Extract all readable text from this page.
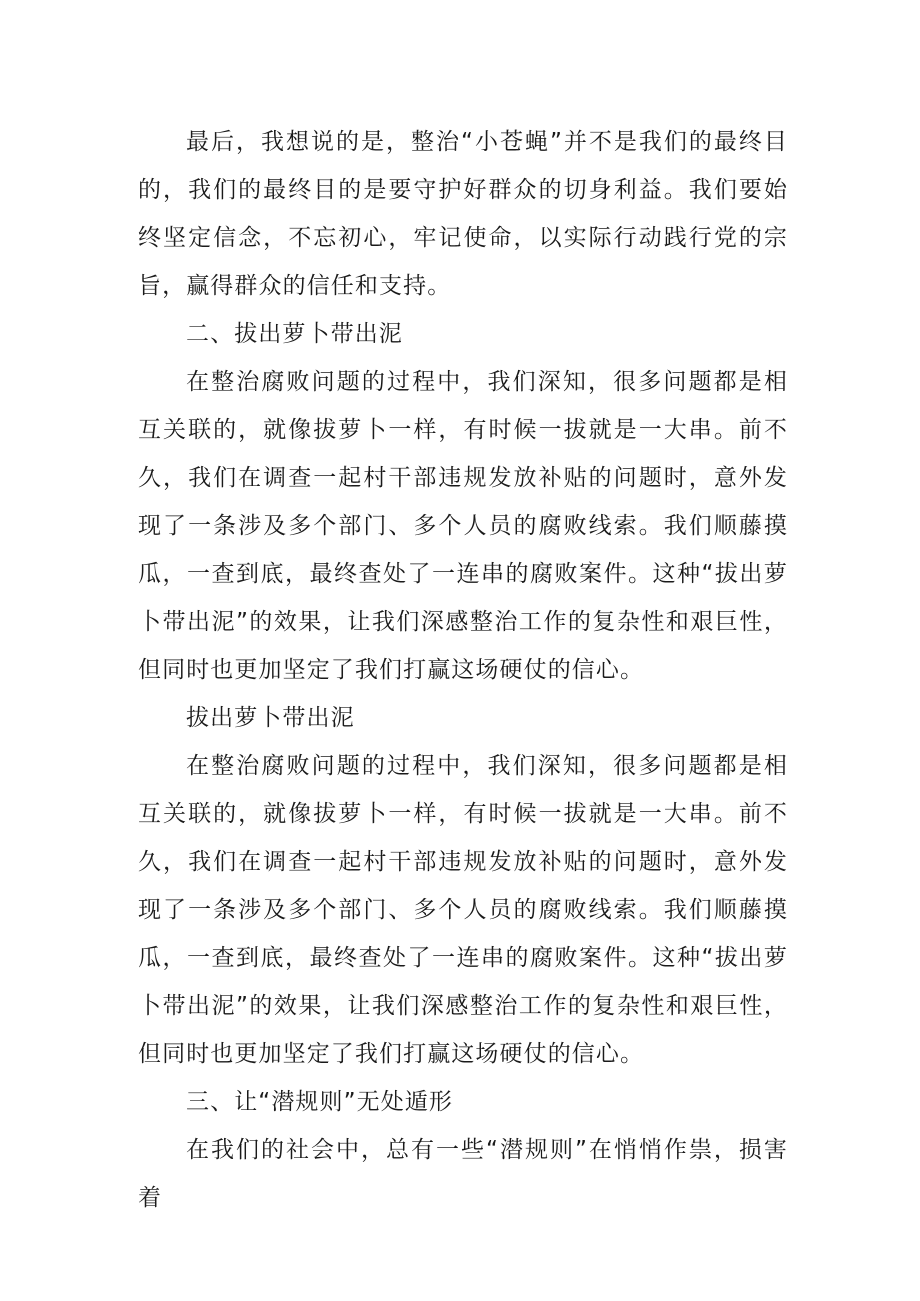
最后，我想说的是，整治“小苍蝇”并不是我们的最终目的，我们的最终目的是要守护好群众的切身利益。我们要始终坚定信念，不忘初心，牢记使命，以实际行动践行党的宗旨，赢得群众的信任和支持。

二、拔出萝卜带出泥

在整治腐败问题的过程中，我们深知，很多问题都是相互关联的，就像拔萝卜一样，有时候一拔就是一大串。前不久，我们在调查一起村干部违规发放补贴的问题时，意外发现了一条涉及多个部门、多个人员的腐败线索。我们顺藤摸瓜，一查到底，最终查处了一连串的腐败案件。这种“拔出萝卜带出泥”的效果，让我们深感整治工作的复杂性和艰巨性，但同时也更加坚定了我们打赢这场硬仗的信心。

拔出萝卜带出泥

在整治腐败问题的过程中，我们深知，很多问题都是相互关联的，就像拔萝卜一样，有时候一拔就是一大串。前不久，我们在调查一起村干部违规发放补贴的问题时，意外发现了一条涉及多个部门、多个人员的腐败线索。我们顺藤摸瓜，一查到底，最终查处了一连串的腐败案件。这种“拔出萝卜带出泥”的效果，让我们深感整治工作的复杂性和艰巨性，但同时也更加坚定了我们打赢这场硬仗的信心。

三、让“潜规则”无处遁形

在我们的社会中，总有一些“潜规则”在悄悄作祟，损害着
